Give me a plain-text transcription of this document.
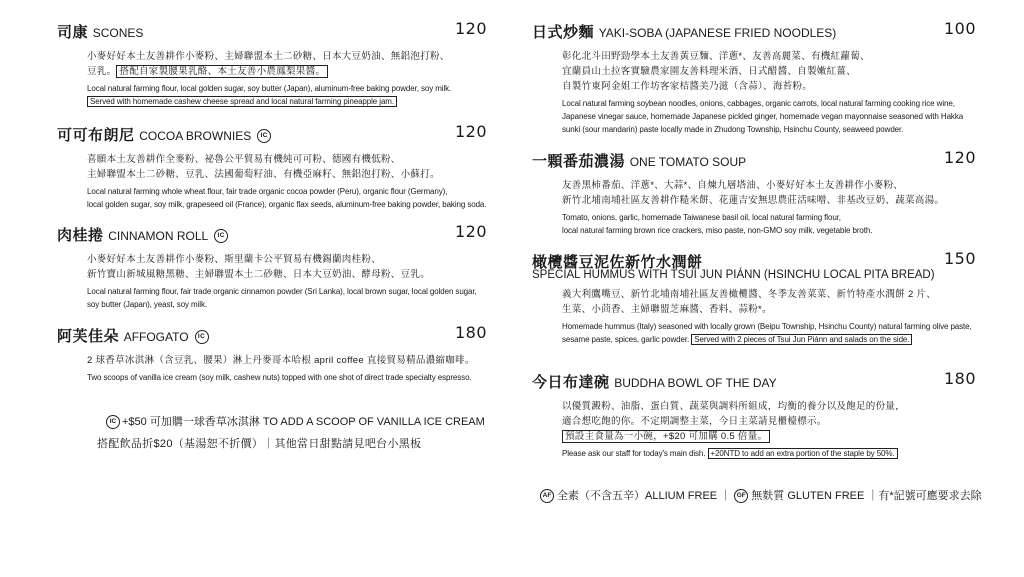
司康 SCONES	120
小麥好好本土友善耕作小麥粉、主婦聯盟本土二砂糖、日本大豆奶油、無鋁泡打粉、
豆乳。 搭配自家製腰果乳酪、本土友善小農鳳梨果醬。
Local natural farming flour, local golden sugar, soy butter (Japan), aluminum-free baking powder, soy milk.
Served with homemade cashew cheese spread and local natural farming pineapple jam.
可可布朗尼 COCOA BROWNIES IC	120
喜願本土友善耕作全麥粉、祕魯公平貿易有機純可可粉、德國有機低粉、
主婦聯盟本土二砂糖、豆乳、法國葡萄籽油、有機亞麻籽、無鋁泡打粉、小蘇打。
Local natural farming whole wheat flour, fair trade organic cocoa powder (Peru), organic flour (Germany),
local golden sugar, soy milk, grapeseed oil (France), organic flax seeds, aluminum-free baking powder, baking soda.
肉桂捲 CINNAMON ROLL IC	120
小麥好好本土友善耕作小麥粉、斯里蘭卡公平貿易有機錫蘭肉桂粉、
新竹寶山新城風糖黑糖、主婦聯盟本土二砂糖、日本大豆奶油、酵母粉、豆乳。
Local natural farming flour, fair trade organic cinnamon powder (Sri Lanka), local brown sugar, local golden sugar,
soy butter (Japan), yeast, soy milk.
阿芙佳朵 AFFOGATO IC	180
2 球香草冰淇淋（含豆乳、腰果）淋上丹麥哥本哈根 april coffee 直接貿易精品濃縮咖啡。
Two scoops of vanilla ice cream (soy milk, cashew nuts) topped with one shot of direct trade specialty espresso.
IC +$50 可加購一球香草冰淇淋 TO ADD A SCOOP OF VANILLA ICE CREAM
搭配飲品折$20（基湯恕不折價）｜其他當日甜點請見吧台小黑板
日式炒麵 YAKI-SOBA (JAPANESE FRIED NOODLES)	100
彰化北斗田野勁學本土友善黃豆麵、洋蔥*、友善高麗菜、有機紅蘿蔔、
宜蘭員山土拉客實驗農家園友善料理米酒、日式醋醬、自製嫩紅薑、
自製竹東阿金姐工作坊客家桔醬美乃滋（含蒜）、海苔粉。
Local natural farming soybean noodles, onions, cabbages, organic carrots, local natural farming cooking rice wine,
Japanese vinegar sauce, homemade Japanese pickled ginger, homemade vegan mayonnaise seasoned with Hakka
sunki (sour mandarin) paste locally made in Zhudong Township, Hsinchu County, seaweed powder.
一顆番茄濃湯 ONE TOMATO SOUP	120
友善黑柿番茄、洋蔥*、大蒜*、自煉九層塔油、小麥好好本土友善耕作小麥粉、
新竹北埔南埔社區友善耕作糙米餅、花蓮吉安無思農莊活味噌、非基改豆奶、蔬菜高湯。
Tomato, onions, garlic, homemade Taiwanese basil oil, local natural farming flour,
local natural farming brown rice crackers, miso paste, non-GMO soy milk, vegetable broth.
橄欖醬豆泥佐新竹水潤餅	150
SPECIAL HUMMUS WITH TSUÍ JUN PIÁNN (HSINCHU LOCAL PITA BREAD)
義大利鷹嘴豆、新竹北埔南埔社區友善橄欖醬、冬季友善菜菜、新竹特產水潤餅 2 片、
生菜、小茴香、主婦聯盟芝麻醬、香料、蒜粉*。
Homemade hummus (Italy) seasoned with locally grown (Beipu Township, Hsinchu County) natural farming olive paste,
sesame paste, spices, garlic powder. Served with 2 pieces of Tsui Jun Piánn and salads on the side.
今日布達碗 BUDDHA BOWL OF THE DAY	180
以優質澱粉、油脂、蛋白質、蔬菜與調料所組成，均衡的養分以及飽足的份量，
適合想吃飽的你。不定期調整主菜，今日主菜請見櫃檯標示。
預設主食量為一小碗，+$20 可加購 0.5 倍量。
Please ask our staff for today's main dish. +20NTD to add an extra portion of the staple by 50%.
AF 全素（不含五辛）ALLIUM FREE ｜ GF 無麩質 GLUTEN FREE ｜有*記號可應要求去除
